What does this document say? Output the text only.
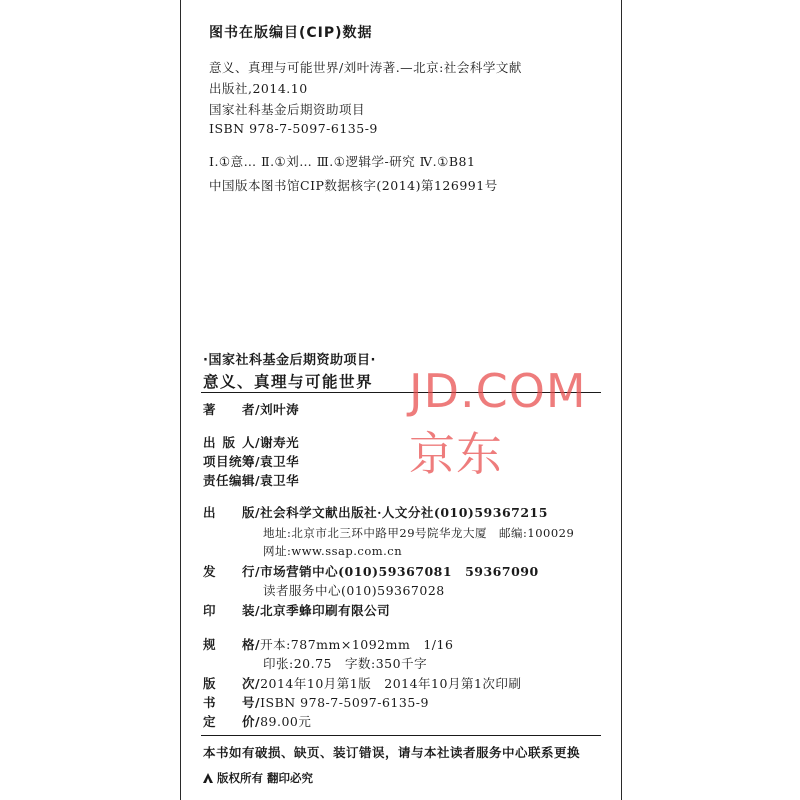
图书在版编目(CIP)数据
意义、真理与可能世界/刘叶涛著.—北京:社会科学文献
出版社,2014.10
国家社科基金后期资助项目
ISBN 978-7-5097-6135-9
Ⅰ.①意… Ⅱ.①刘… Ⅲ.①逻辑学-研究 Ⅳ.①B81
中国版本图书馆CIP数据核字(2014)第126991号
·国家社科基金后期资助项目·
意义、真理与可能世界 JD.COM 京东
著　者/刘叶涛
出版人/谢寿光
项目统筹/袁卫华
责任编辑/袁卫华
出　版/社会科学文献出版社·人文分社(010)59367215
地址:北京市北三环中路甲29号院华龙大厦　邮编:100029
网址:www.ssap.com.cn
发　行/市场营销中心(010)59367081　59367090
读者服务中心(010)59367028
印　装/北京季蜂印刷有限公司
规　格/开本:787mm×1092mm　1/16
印张:20.75　字数:350千字
版　次/2014年10月第1版　2014年10月第1次印刷
书　号/ISBN 978-7-5097-6135-9
定　价/89.00元
本书如有破损、缺页、装订错误，请与本社读者服务中心联系更换
版权所有 翻印必究
